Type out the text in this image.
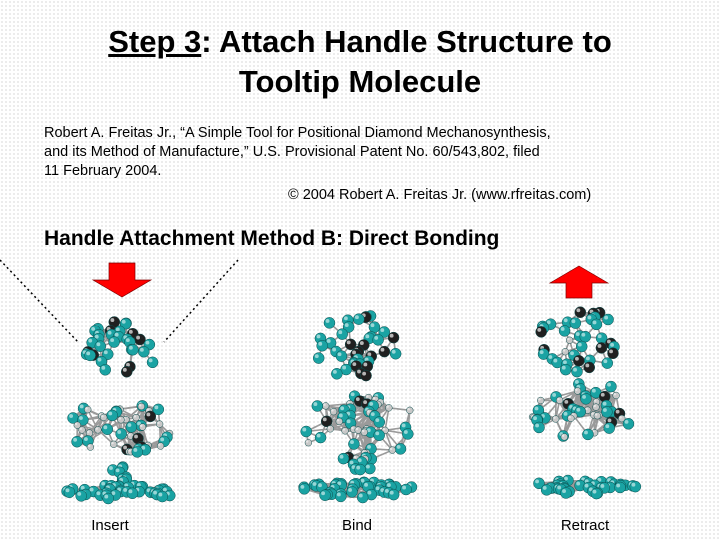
Step 3: Attach Handle Structure to
Tooltip Molecule
Robert A. Freitas Jr., “A Simple Tool for Positional Diamond Mechanosynthesis,
and its Method of Manufacture,” U.S. Provisional Patent No. 60/543,802, filed
11 February 2004.
© 2004 Robert A. Freitas Jr. (www.rfreitas.com)
Handle Attachment Method B: Direct Bonding
Insert	Bind	Retract
